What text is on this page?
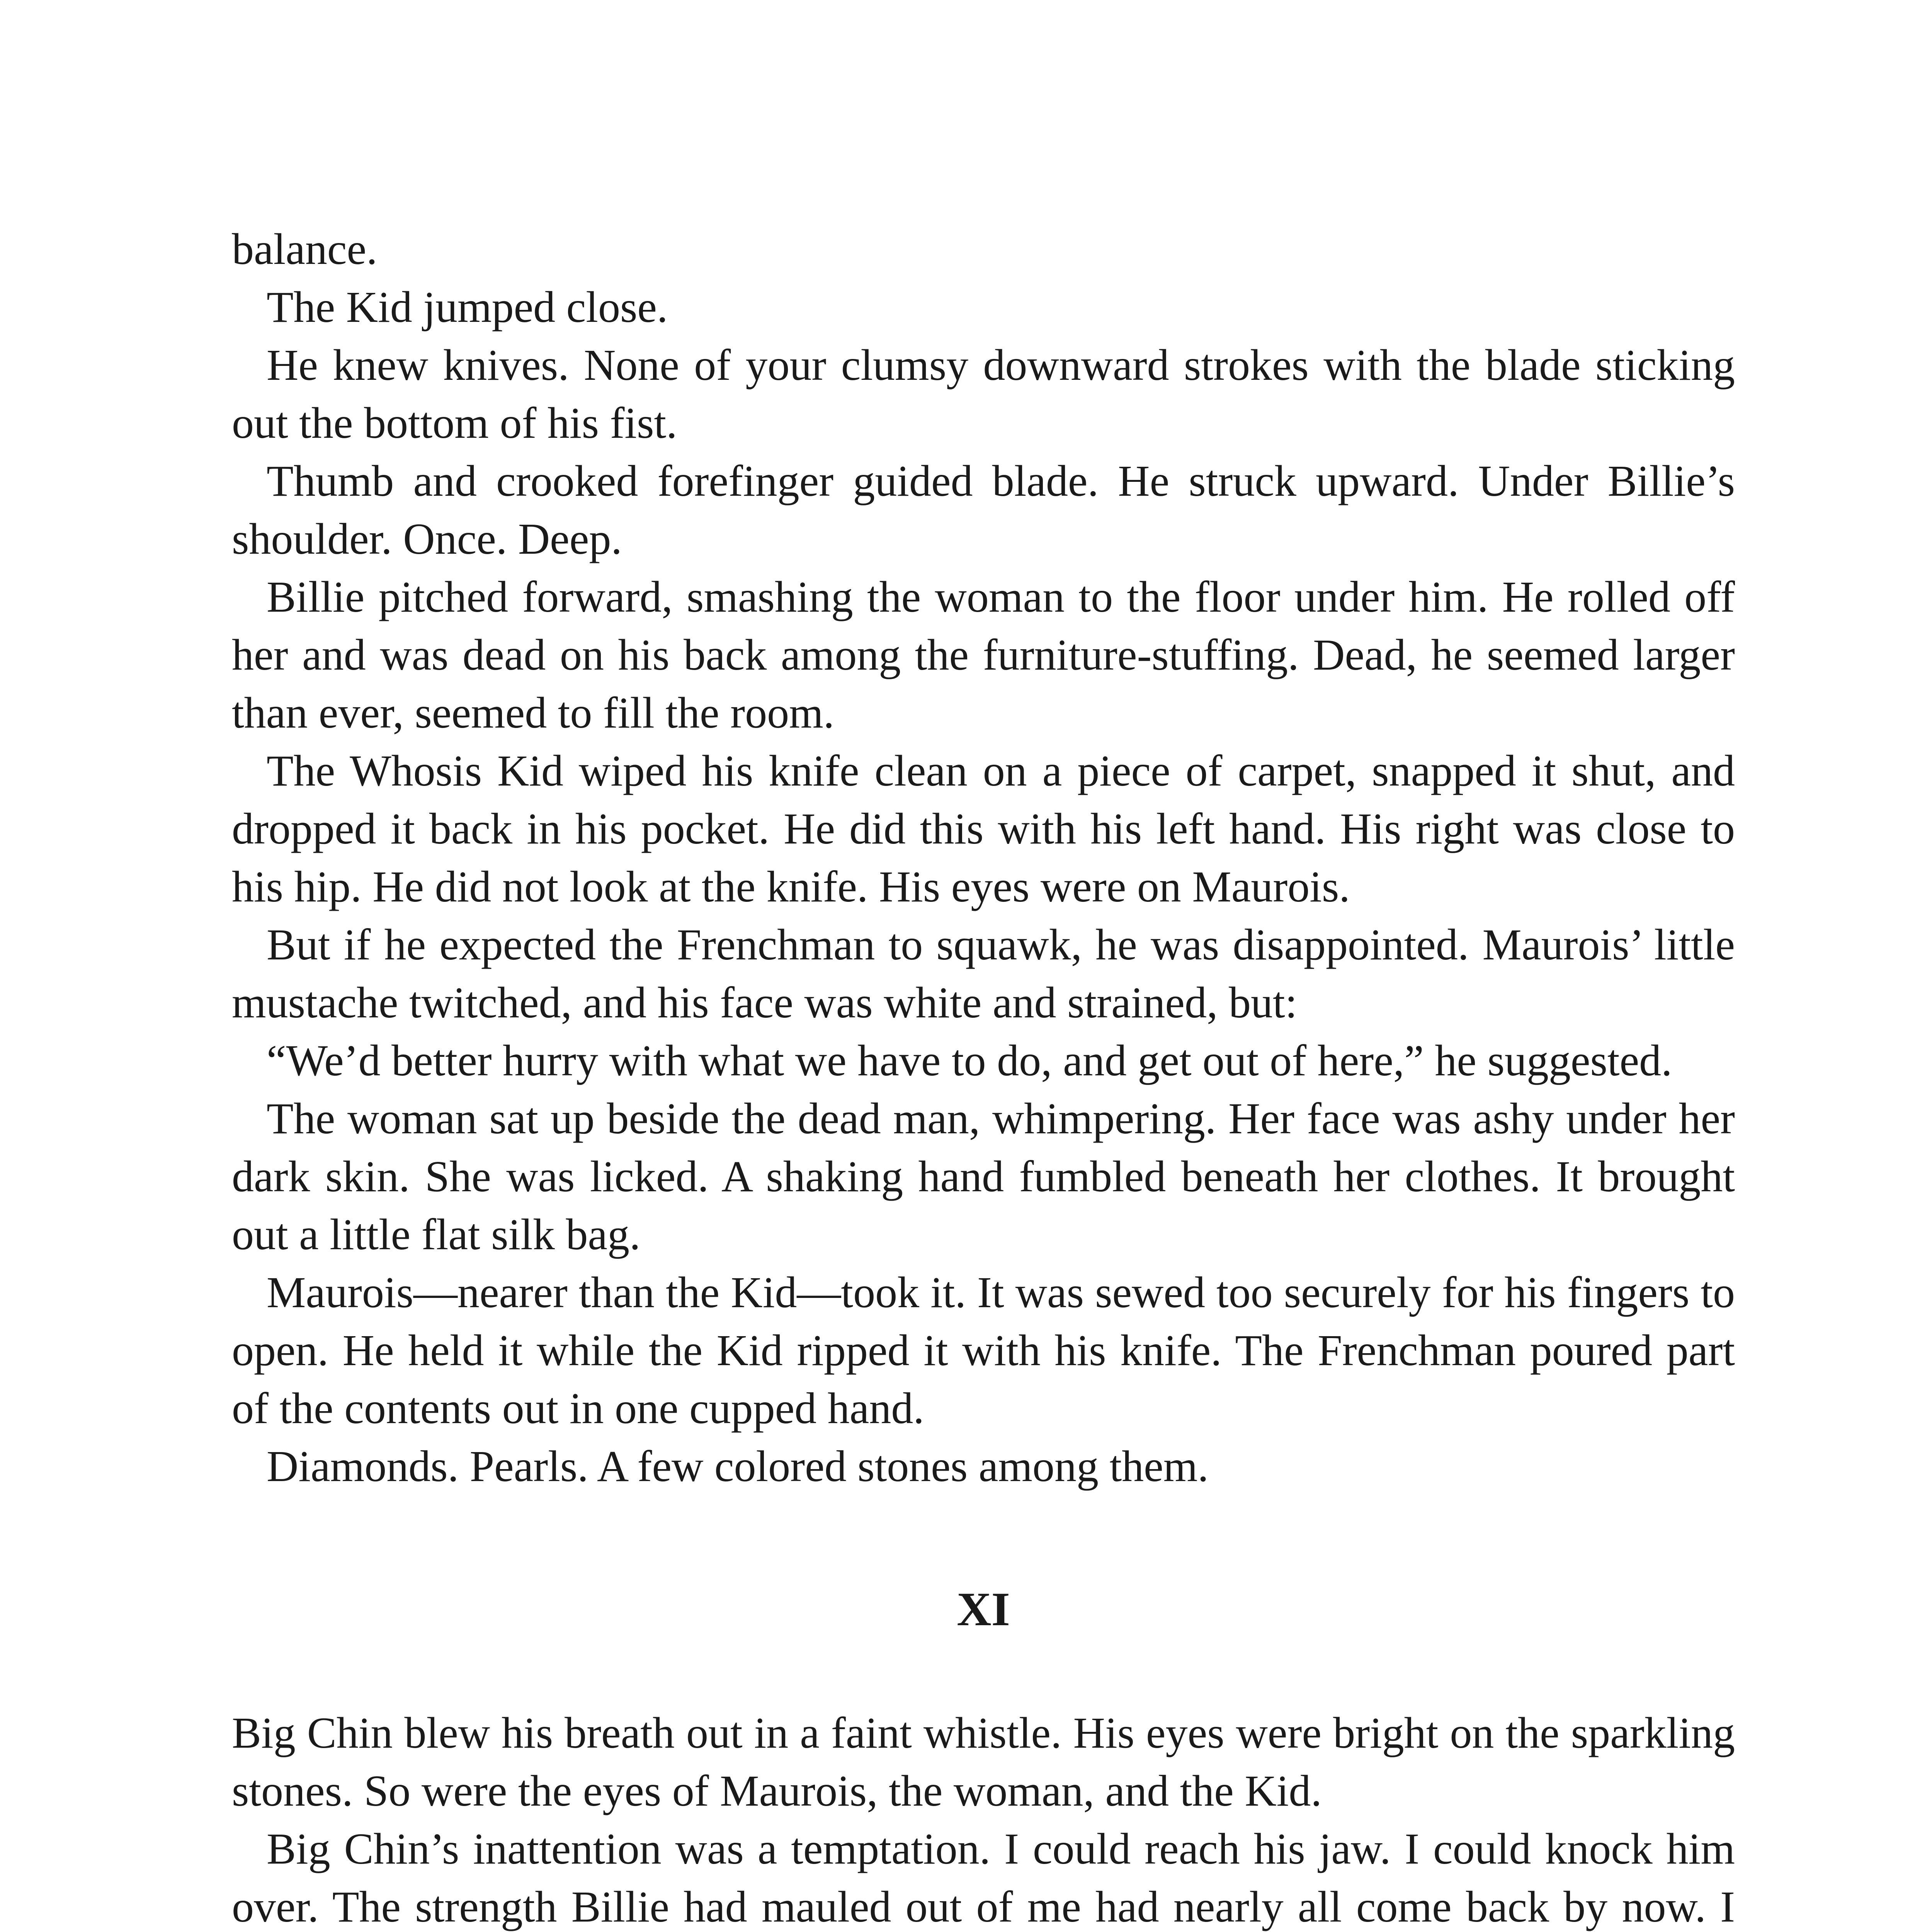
balance.

The Kid jumped close.

He knew knives. None of your clumsy downward strokes with the blade sticking out the bottom of his fist.

Thumb and crooked forefinger guided blade. He struck upward. Under Billie’s shoulder. Once. Deep.

Billie pitched forward, smashing the woman to the floor under him. He rolled off her and was dead on his back among the furniture-stuffing. Dead, he seemed larger than ever, seemed to fill the room.

The Whosis Kid wiped his knife clean on a piece of carpet, snapped it shut, and dropped it back in his pocket. He did this with his left hand. His right was close to his hip. He did not look at the knife. His eyes were on Maurois.

But if he expected the Frenchman to squawk, he was disappointed. Maurois’ little mustache twitched, and his face was white and strained, but:

“We’d better hurry with what we have to do, and get out of here,” he suggested.

The woman sat up beside the dead man, whimpering. Her face was ashy under her dark skin. She was licked. A shaking hand fumbled beneath her clothes. It brought out a little flat silk bag.

Maurois—nearer than the Kid—took it. It was sewed too securely for his fingers to open. He held it while the Kid ripped it with his knife. The Frenchman poured part of the contents out in one cupped hand.

Diamonds. Pearls. A few colored stones among them.

XI

Big Chin blew his breath out in a faint whistle. His eyes were bright on the sparkling stones. So were the eyes of Maurois, the woman, and the Kid.

Big Chin’s inattention was a temptation. I could reach his jaw. I could knock him over. The strength Billie had mauled out of me had nearly all come back by now. I
